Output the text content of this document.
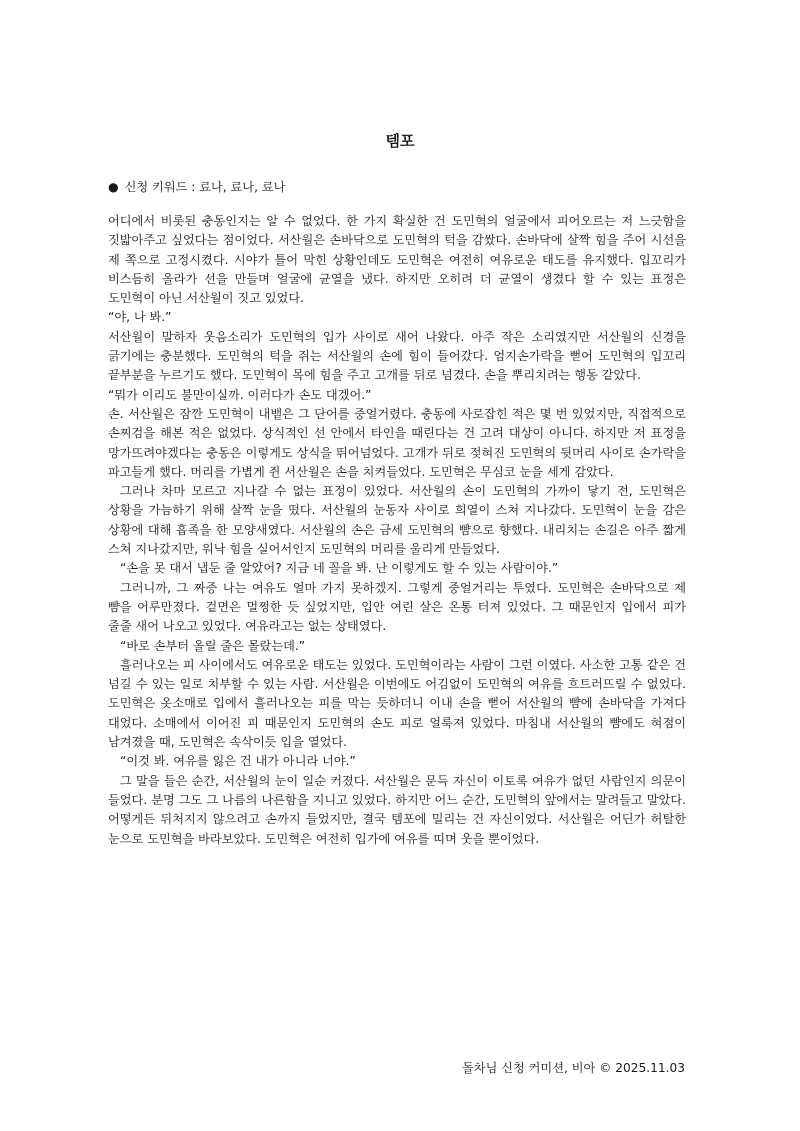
템포
● 신청 키워드 : 료나, 료나, 료나

어디에서 비롯된 충동인지는 알 수 없었다. 한 가지 확실한 건 도민혁의 얼굴에서 피어오르는 저 느긋함을 짓밟아주고 싶었다는 점이었다. 서산월은 손바닥으로 도민혁의 턱을 감쌌다. 손바닥에 살짝 힘을 주어 시선을 제 쪽으로 고정시켰다. 시야가 틀어 막힌 상황인데도 도민혁은 여전히 여유로운 태도를 유지했다. 입꼬리가 비스듬히 올라가 선을 만들며 얼굴에 균열을 냈다. 하지만 오히려 더 균열이 생겼다 할 수 있는 표정은 도민혁이 아닌 서산월이 짓고 있었다.

“야, 나 봐.”

서산월이 말하자 웃음소리가 도민혁의 입가 사이로 새어 나왔다. 아주 작은 소리였지만 서산월의 신경을 긁기에는 충분했다. 도민혁의 턱을 쥐는 서산월의 손에 힘이 들어갔다. 엄지손가락을 뻗어 도민혁의 입꼬리 끝부분을 누르기도 했다. 도민혁이 목에 힘을 주고 고개를 뒤로 넘겼다. 손을 뿌리치려는 행동 같았다.

“뭐가 이리도 불만이실까. 이러다가 손도 대겠어.”

손. 서산월은 잠깐 도민혁이 내뱉은 그 단어를 중얼거렸다. 충동에 사로잡힌 적은 몇 번 있었지만, 직접적으로 손찌검을 해본 적은 없었다. 상식적인 선 안에서 타인을 때린다는 건 고려 대상이 아니다. 하지만 저 표정을 망가뜨려야겠다는 충동은 이렇게도 상식을 뛰어넘었다. 고개가 뒤로 젖혀진 도민혁의 뒷머리 사이로 손가락을 파고들게 했다. 머리를 가볍게 쥔 서산월은 손을 치켜들었다. 도민혁은 무심코 눈을 세게 감았다.

그러나 차마 모르고 지나갈 수 없는 표정이 있었다. 서산월의 손이 도민혁의 가까이 닿기 전, 도민혁은 상황을 가늠하기 위해 살짝 눈을 떴다. 서산월의 눈동자 사이로 희열이 스쳐 지나갔다. 도민혁이 눈을 감은 상황에 대해 흡족을 한 모양새였다. 서산월의 손은 금세 도민혁의 뺨으로 향했다. 내리치는 손길은 아주 짧게 스쳐 지나갔지만, 워낙 힘을 실어서인지 도민혁의 머리를 울리게 만들었다.

“손을 못 대서 냅둔 줄 알았어? 지금 네 꼴을 봐. 난 이렇게도 할 수 있는 사람이야.”

그러니까, 그 짜증 나는 여유도 얼마 가지 못하겠지. 그렇게 중얼거리는 투였다. 도민혁은 손바닥으로 제 뺨을 어루만졌다. 겉면은 멀쩡한 듯 싶었지만, 입안 여린 살은 온통 터져 있었다. 그 때문인지 입에서 피가 줄줄 새어 나오고 있었다. 여유라고는 없는 상태였다.

“바로 손부터 올릴 줄은 몰랐는데.”

흘러나오는 피 사이에서도 여유로운 태도는 있었다. 도민혁이라는 사람이 그런 이였다. 사소한 고통 같은 건 넘길 수 있는 일로 치부할 수 있는 사람. 서산월은 이번에도 어김없이 도민혁의 여유를 흐트러뜨릴 수 없었다. 도민혁은 옷소매로 입에서 흘러나오는 피를 막는 듯하더니 이내 손을 뻗어 서산월의 뺨에 손바닥을 가져다 대었다. 소매에서 이어진 피 때문인지 도민혁의 손도 피로 얼룩져 있었다. 마침내 서산월의 뺨에도 혀점이 남겨졌을 때, 도민혁은 속삭이듯 입을 열었다.

“이것 봐. 여유를 잃은 건 내가 아니라 너야.”

그 말을 들은 순간, 서산월의 눈이 일순 커졌다. 서산월은 문득 자신이 이토록 여유가 없던 사람인지 의문이 들었다. 분명 그도 그 나름의 나른함을 지니고 있었다. 하지만 어느 순간, 도민혁의 앞에서는 말려들고 말았다. 어떻게든 뒤처지지 않으려고 손까지 들었지만, 결국 템포에 밀리는 건 자신이었다. 서산월은 어딘가 허탈한 눈으로 도민혁을 바라보았다. 도민혁은 여전히 입가에 여유를 띠며 웃을 뿐이었다.

돌차님 신청 커미션, 비아 © 2025.11.03
